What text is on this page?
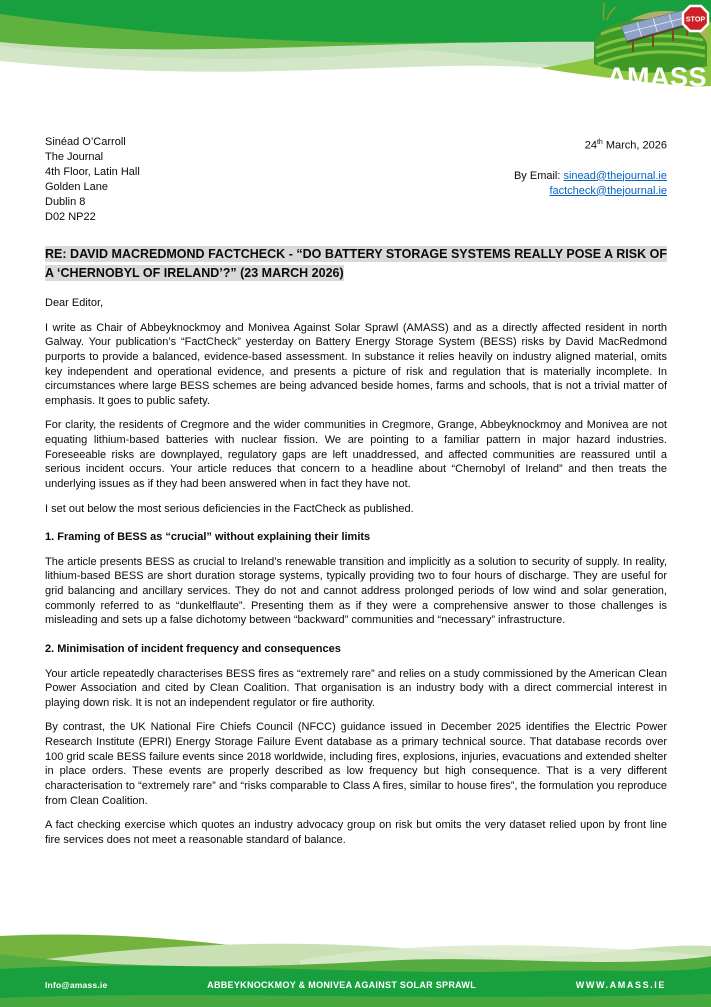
STOP
AMASS
Sinéad O’Carroll
The Journal
4th Floor, Latin Hall
Golden Lane
Dublin 8
D02 NP22
24th March, 2026
By Email: sinead@thejournal.ie
factcheck@thejournal.ie
RE: DAVID MACREDMOND FACTCHECK - “DO BATTERY STORAGE SYSTEMS REALLY POSE A RISK OF A ‘CHERNOBYL OF IRELAND’?” (23 MARCH 2026)
Dear Editor,

I write as Chair of Abbeyknockmoy and Monivea Against Solar Sprawl (AMASS) and as a directly affected resident in north Galway. Your publication’s “FactCheck” yesterday on Battery Energy Storage System (BESS) risks by David MacRedmond purports to provide a balanced, evidence-based assessment. In substance it relies heavily on industry aligned material, omits key independent and operational evidence, and presents a picture of risk and regulation that is materially incomplete. In circumstances where large BESS schemes are being advanced beside homes, farms and schools, that is not a trivial matter of emphasis. It goes to public safety.

For clarity, the residents of Cregmore and the wider communities in Cregmore, Grange, Abbeyknockmoy and Monivea are not equating lithium-based batteries with nuclear fission. We are pointing to a familiar pattern in major hazard industries. Foreseeable risks are downplayed, regulatory gaps are left unaddressed, and affected communities are reassured until a serious incident occurs. Your article reduces that concern to a headline about “Chernobyl of Ireland” and then treats the underlying issues as if they had been answered when in fact they have not.

I set out below the most serious deficiencies in the FactCheck as published.

1. Framing of BESS as “crucial” without explaining their limits

The article presents BESS as crucial to Ireland’s renewable transition and implicitly as a solution to security of supply. In reality, lithium-based BESS are short duration storage systems, typically providing two to four hours of discharge. They are useful for grid balancing and ancillary services. They do not and cannot address prolonged periods of low wind and solar generation, commonly referred to as “dunkelflaute”. Presenting them as if they were a comprehensive answer to those challenges is misleading and sets up a false dichotomy between “backward” communities and “necessary” infrastructure.

2. Minimisation of incident frequency and consequences

Your article repeatedly characterises BESS fires as “extremely rare” and relies on a study commissioned by the American Clean Power Association and cited by Clean Coalition. That organisation is an industry body with a direct commercial interest in playing down risk. It is not an independent regulator or fire authority.

By contrast, the UK National Fire Chiefs Council (NFCC) guidance issued in December 2025 identifies the Electric Power Research Institute (EPRI) Energy Storage Failure Event database as a primary technical source. That database records over 100 grid scale BESS failure events since 2018 worldwide, including fires, explosions, injuries, evacuations and extended shelter in place orders. These events are properly described as low frequency but high consequence. That is a very different characterisation to “extremely rare” and “risks comparable to Class A fires, similar to house fires”, the formulation you reproduce from Clean Coalition.

A fact checking exercise which quotes an industry advocacy group on risk but omits the very dataset relied upon by front line fire services does not meet a reasonable standard of balance.

Info@amass.ie	ABBEYKNOCKMOY & MONIVEA AGAINST SOLAR SPRAWL	WWW.AMASS.IE
